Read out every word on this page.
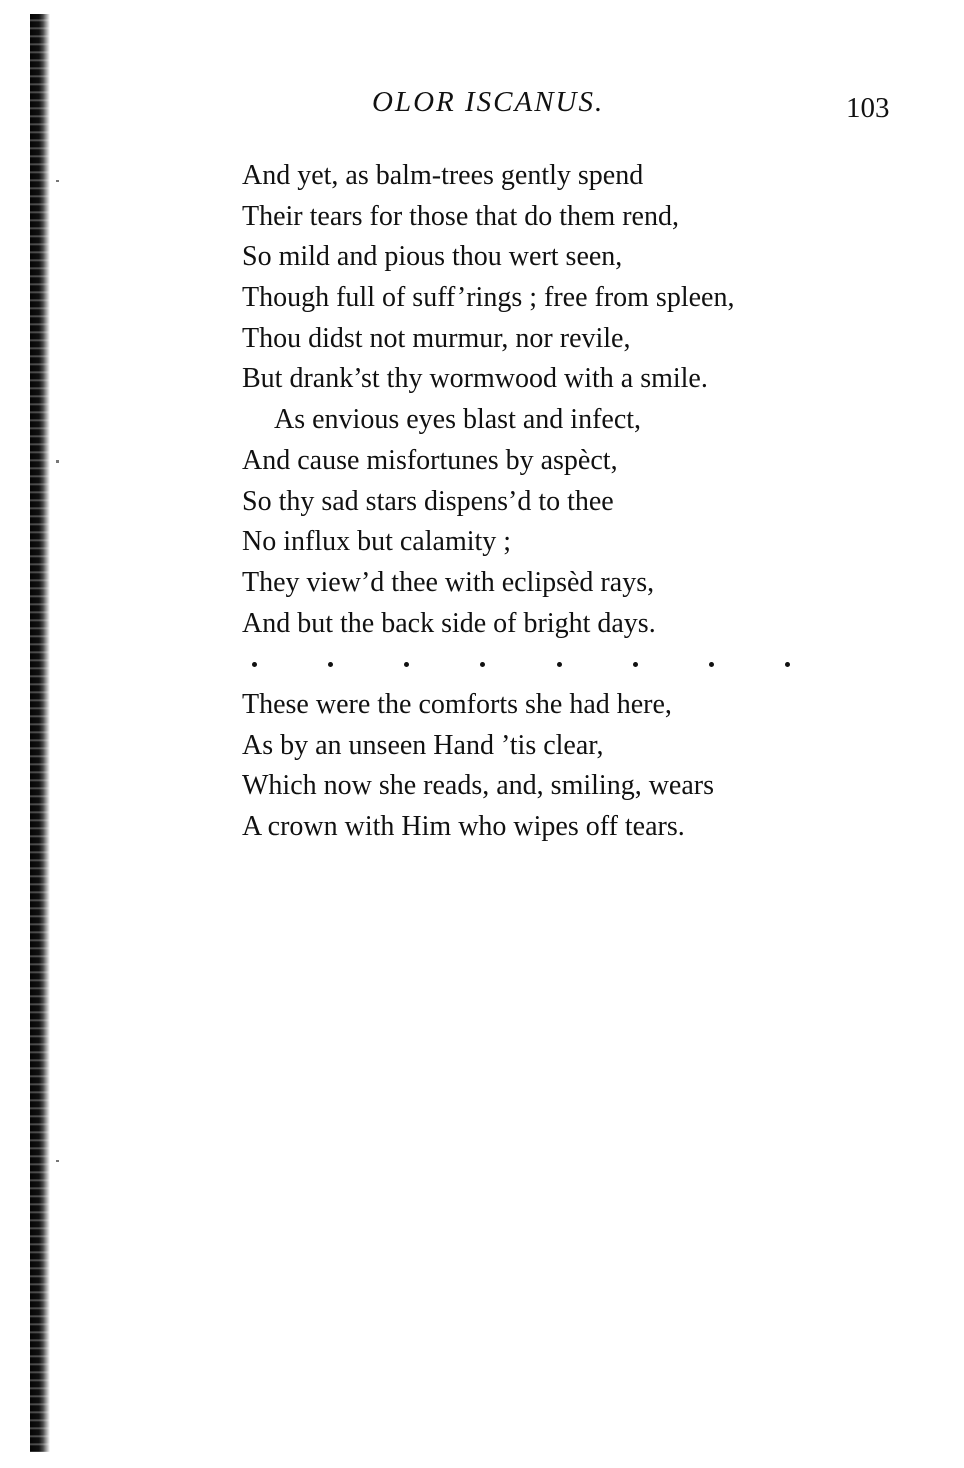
OLOR ISCANUS.	103
And yet, as balm-trees gently spend
Their tears for those that do them rend,
So mild and pious thou wert seen,
Though full of suff’rings ; free from spleen,
Thou didst not murmur, nor revile,
But drank’st thy wormwood with a smile.
As envious eyes blast and infect,
And cause misfortunes by aspèct,
So thy sad stars dispens’d to thee
No influx but calamity ;
They view’d thee with eclipsèd rays,
And but the back side of bright days.
These were the comforts she had here,
As by an unseen Hand ’tis clear,
Which now she reads, and, smiling, wears
A crown with Him who wipes off tears.
